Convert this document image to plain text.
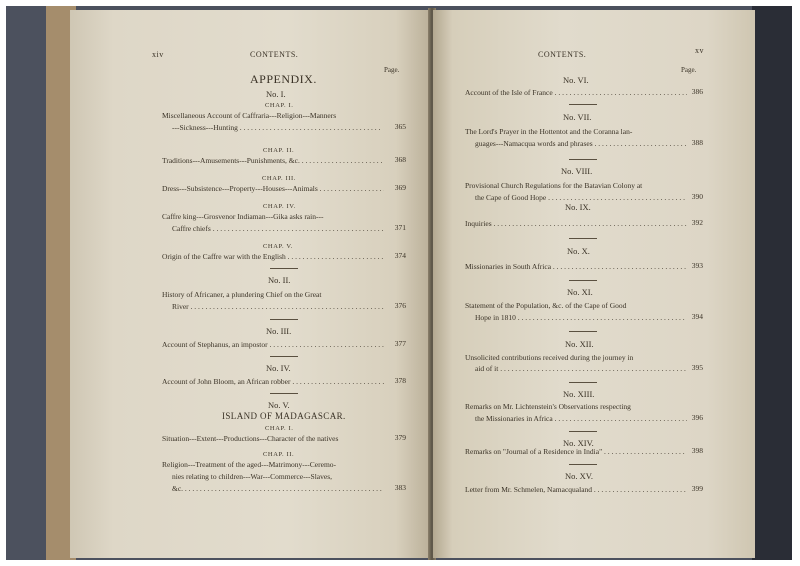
xiv	CONTENTS.
Page.
APPENDIX.
No. I.
CHAP. I.
Miscellaneous Account of Caffraria---Religion---Manners
---Sickness---Hunting . . .	365
CHAP. II.
Traditions---Amusements---Punishments, &c. . . .	368
CHAP. III.
Dress---Subsistence---Property---Houses---Animals . . .	369
CHAP. IV.
Caffre king---Grosvenor Indiaman---Gika asks rain---
Caffre chiefs . . .	371
CHAP. V.
Origin of the Caffre war with the English . . .	374
No. II.
History of Africaner, a plundering Chief on the Great
River . . .	376
No. III.
Account of Stephanus, an impostor . . .	377
No. IV.
Account of John Bloom, an African robber . . .	378
No. V.
ISLAND OF MADAGASCAR.
CHAP. I.
Situation---Extent---Productions---Character of the natives	379
CHAP. II.
Religion---Treatment of the aged---Matrimony---Ceremo-
nies relating to children---War---Commerce---Slaves,
&c. . . .	383
CONTENTS.	xv
Page.
No. VI.
Account of the Isle of France . . .	386
No. VII.
The Lord's Prayer in the Hottentot and the Coranna lan-
guages---Namacqua words and phrases . . .	388
No. VIII.
Provisional Church Regulations for the Batavian Colony at
the Cape of Good Hope . . .	390
No. IX.
Inquiries . . .	392
No. X.
Missionaries in South Africa . . .	393
No. XI.
Statement of the Population, &c. of the Cape of Good
Hope in 1810 . . .	394
No. XII.
Unsolicited contributions received during the journey in
aid of it . . .	395
No. XIII.
Remarks on Mr. Lichtenstein's Observations respecting
the Missionaries in Africa . . .	396
No. XIV.
Remarks on "Journal of a Residence in India" . . .	398
No. XV.
Letter from Mr. Schmelen, Namacqualand . . .	399
